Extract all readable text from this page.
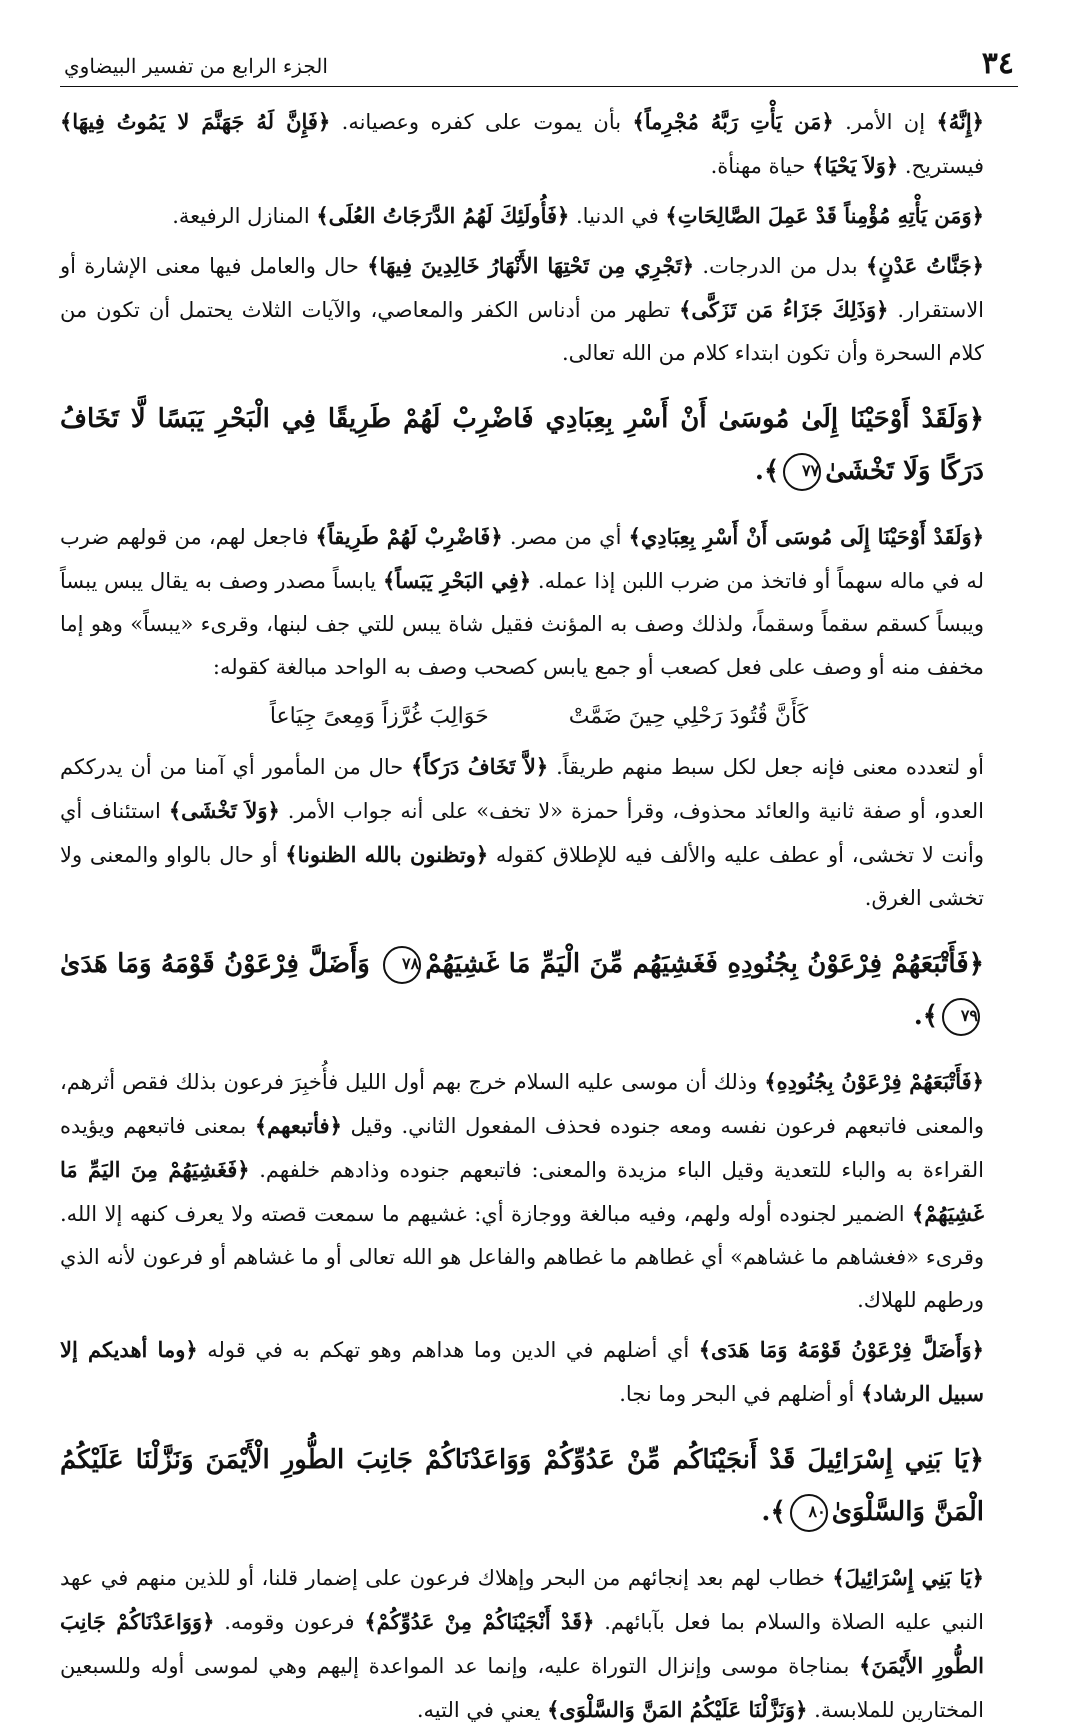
٣٤
الجزء الرابع من تفسير البيضاوي

﴿إِنَّهُ﴾ إن الأمر. ﴿مَن يَأْتِ رَبَّهُ مُجْرِماً﴾ بأن يموت على كفره وعصيانه. ﴿فَإِنَّ لَهُ جَهَنَّمَ لا يَمُوتُ فِيهَا﴾ فيستريح. ﴿وَلاَ يَحْيَا﴾ حياة مهنأة.

﴿وَمَن يَأْتِهِ مُؤْمِناً قَدْ عَمِلَ الصَّالِحَاتِ﴾ في الدنيا. ﴿فَأُولَئِكَ لَهُمُ الدَّرَجَاتُ العُلَى﴾ المنازل الرفيعة.

﴿جَنَّاتُ عَدْنٍ﴾ بدل من الدرجات. ﴿تَجْرِي مِن تَحْتِهَا الأَنْهَارُ خَالِدِينَ فِيهَا﴾ حال والعامل فيها معنى الإشارة أو الاستقرار. ﴿وَذَلِكَ جَزَاءُ مَن تَزَكَّى﴾ تطهر من أدناس الكفر والمعاصي، والآيات الثلاث يحتمل أن تكون من كلام السحرة وأن تكون ابتداء كلام من الله تعالى.

﴿وَلَقَدْ أَوْحَيْنَا إِلَىٰ مُوسَىٰ أَنْ أَسْرِ بِعِبَادِي فَاضْرِبْ لَهُمْ طَرِيقًا فِي الْبَحْرِ يَبَسًا لَّا تَخَافُ دَرَكًا وَلَا تَخْشَىٰ٧٧﴾.

﴿وَلَقَدْ أَوْحَيْنَا إِلَى مُوسَى أَنْ أَسْرِ بِعِبَادِي﴾ أي من مصر. ﴿فَاضْرِبْ لَهُمْ طَرِيقاً﴾ فاجعل لهم، من قولهم ضرب له في ماله سهماً أو فاتخذ من ضرب اللبن إذا عمله. ﴿فِي البَحْرِ يَبَساً﴾ يابساً مصدر وصف به يقال يبس يبساً ويبساً كسقم سقماً وسقماً، ولذلك وصف به المؤنث فقيل شاة يبس للتي جف لبنها، وقرىء «يبساً» وهو إما مخفف منه أو وصف على فعل كصعب أو جمع يابس كصحب وصف به الواحد مبالغة كقوله:

كَأَنَّ قُتُودَ رَحْلِي حِينَ ضَمَّتْ
حَوَالِبَ غُرَّزاً وَمِعىً جِيَاعاً

أو لتعدده معنى فإنه جعل لكل سبط منهم طريقاً. ﴿لاَّ تَخَافُ دَرَكاً﴾ حال من المأمور أي آمنا من أن يدرككم العدو، أو صفة ثانية والعائد محذوف، وقرأ حمزة «لا تخف» على أنه جواب الأمر. ﴿وَلاَ تَخْشَى﴾ استئناف أي وأنت لا تخشى، أو عطف عليه والألف فيه للإطلاق كقوله ﴿وتظنون بالله الظنونا﴾ أو حال بالواو والمعنى ولا تخشى الغرق.

﴿فَأَتْبَعَهُمْ فِرْعَوْنُ بِجُنُودِهِ فَغَشِيَهُم مِّنَ الْيَمِّ مَا غَشِيَهُمْ٧٨ وَأَضَلَّ فِرْعَوْنُ قَوْمَهُ وَمَا هَدَىٰ٧٩﴾.

﴿فَأَتْبَعَهُمْ فِرْعَوْنُ بِجُنُودِهِ﴾ وذلك أن موسى عليه السلام خرج بهم أول الليل فأُخبِرَ فرعون بذلك فقص أثرهم، والمعنى فاتبعهم فرعون نفسه ومعه جنوده فحذف المفعول الثاني. وقيل ﴿فأتبعهم﴾ بمعنى فاتبعهم ويؤيده القراءة به والباء للتعدية وقيل الباء مزيدة والمعنى: فاتبعهم جنوده وذادهم خلفهم. ﴿فَغَشِيَهُمْ مِنَ اليَمِّ مَا غَشِيَهُمْ﴾ الضمير لجنوده أوله ولهم، وفيه مبالغة ووجازة أي: غشيهم ما سمعت قصته ولا يعرف كنهه إلا الله. وقرىء «فغشاهم ما غشاهم» أي غطاهم ما غطاهم والفاعل هو الله تعالى أو ما غشاهم أو فرعون لأنه الذي ورطهم للهلاك.

﴿وَأَضَلَّ فِرْعَوْنُ قَوْمَهُ وَمَا هَدَى﴾ أي أضلهم في الدين وما هداهم وهو تهكم به في قوله ﴿وما أهديكم إلا سبيل الرشاد﴾ أو أضلهم في البحر وما نجا.

﴿يَا بَنِي إِسْرَائِيلَ قَدْ أَنجَيْنَاكُم مِّنْ عَدُوِّكُمْ وَوَاعَدْنَاكُمْ جَانِبَ الطُّورِ الْأَيْمَنَ وَنَزَّلْنَا عَلَيْكُمُ الْمَنَّ وَالسَّلْوَىٰ٨٠﴾.

﴿يَا بَنِي إِسْرَائِيلَ﴾ خطاب لهم بعد إنجائهم من البحر وإهلاك فرعون على إضمار قلنا، أو للذين منهم في عهد النبي عليه الصلاة والسلام بما فعل بآبائهم. ﴿قَدْ أَنْجَيْنَاكُمْ مِنْ عَدُوِّكُمْ﴾ فرعون وقومه. ﴿وَوَاعَدْنَاكُمْ جَانِبَ الطُّورِ الأَيْمَنَ﴾ بمناجاة موسى وإنزال التوراة عليه، وإنما عد المواعدة إليهم وهي لموسى أوله وللسبعين المختارين للملابسة. ﴿وَنَزَّلْنَا عَلَيْكُمُ المَنَّ وَالسَّلْوَى﴾ يعني في التيه.
